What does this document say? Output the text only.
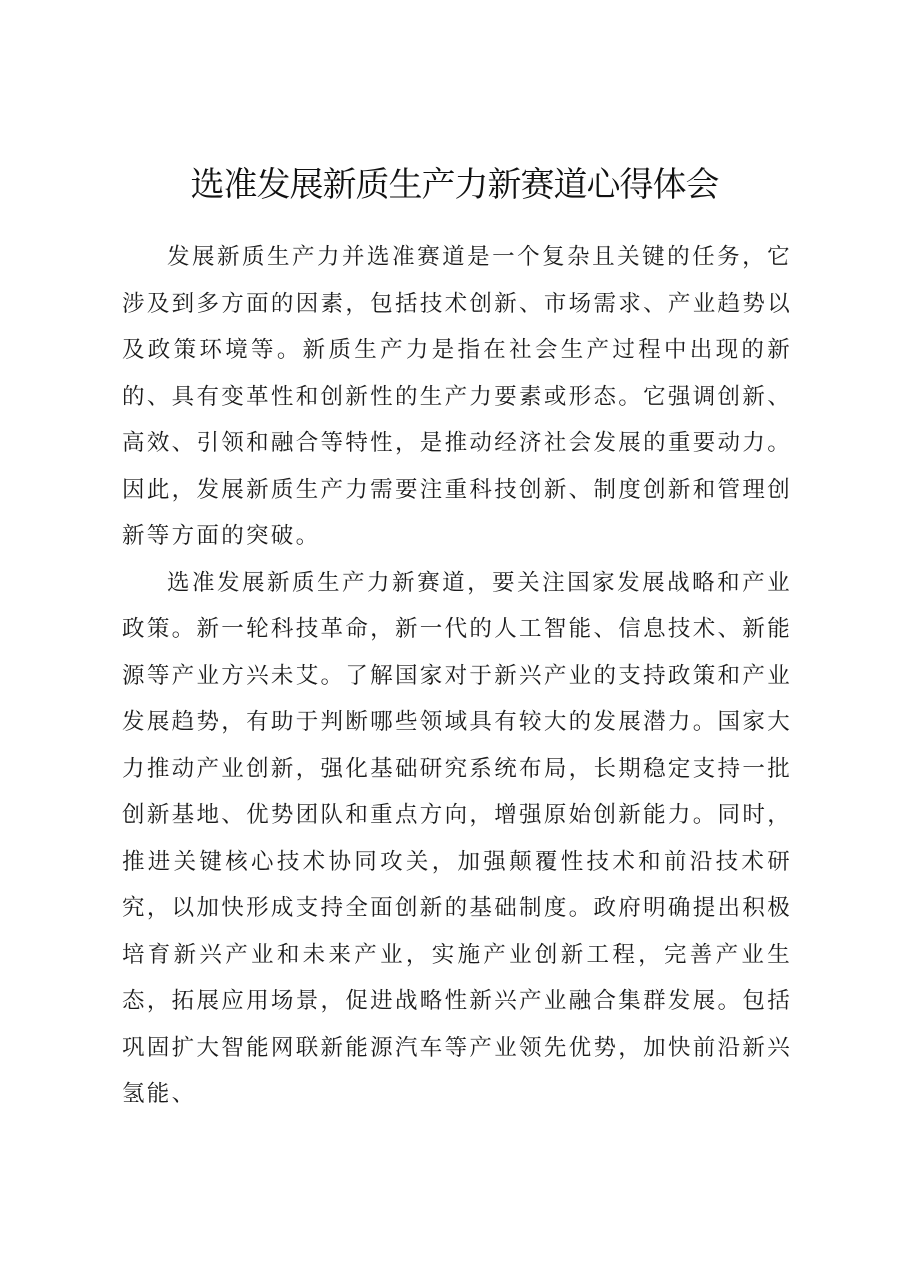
选准发展新质生产力新赛道心得体会

发展新质生产力并选准赛道是一个复杂且关键的任务，它涉及到多方面的因素，包括技术创新、市场需求、产业趋势以及政策环境等。新质生产力是指在社会生产过程中出现的新的、具有变革性和创新性的生产力要素或形态。它强调创新、高效、引领和融合等特性，是推动经济社会发展的重要动力。因此，发展新质生产力需要注重科技创新、制度创新和管理创新等方面的突破。

选准发展新质生产力新赛道，要关注国家发展战略和产业政策。新一轮科技革命，新一代的人工智能、信息技术、新能源等产业方兴未艾。了解国家对于新兴产业的支持政策和产业发展趋势，有助于判断哪些领域具有较大的发展潜力。国家大力推动产业创新，强化基础研究系统布局，长期稳定支持一批创新基地、优势团队和重点方向，增强原始创新能力。同时，推进关键核心技术协同攻关，加强颠覆性技术和前沿技术研究，以加快形成支持全面创新的基础制度。政府明确提出积极培育新兴产业和未来产业，实施产业创新工程，完善产业生态，拓展应用场景，促进战略性新兴产业融合集群发展。包括巩固扩大智能网联新能源汽车等产业领先优势，加快前沿新兴氢能、
